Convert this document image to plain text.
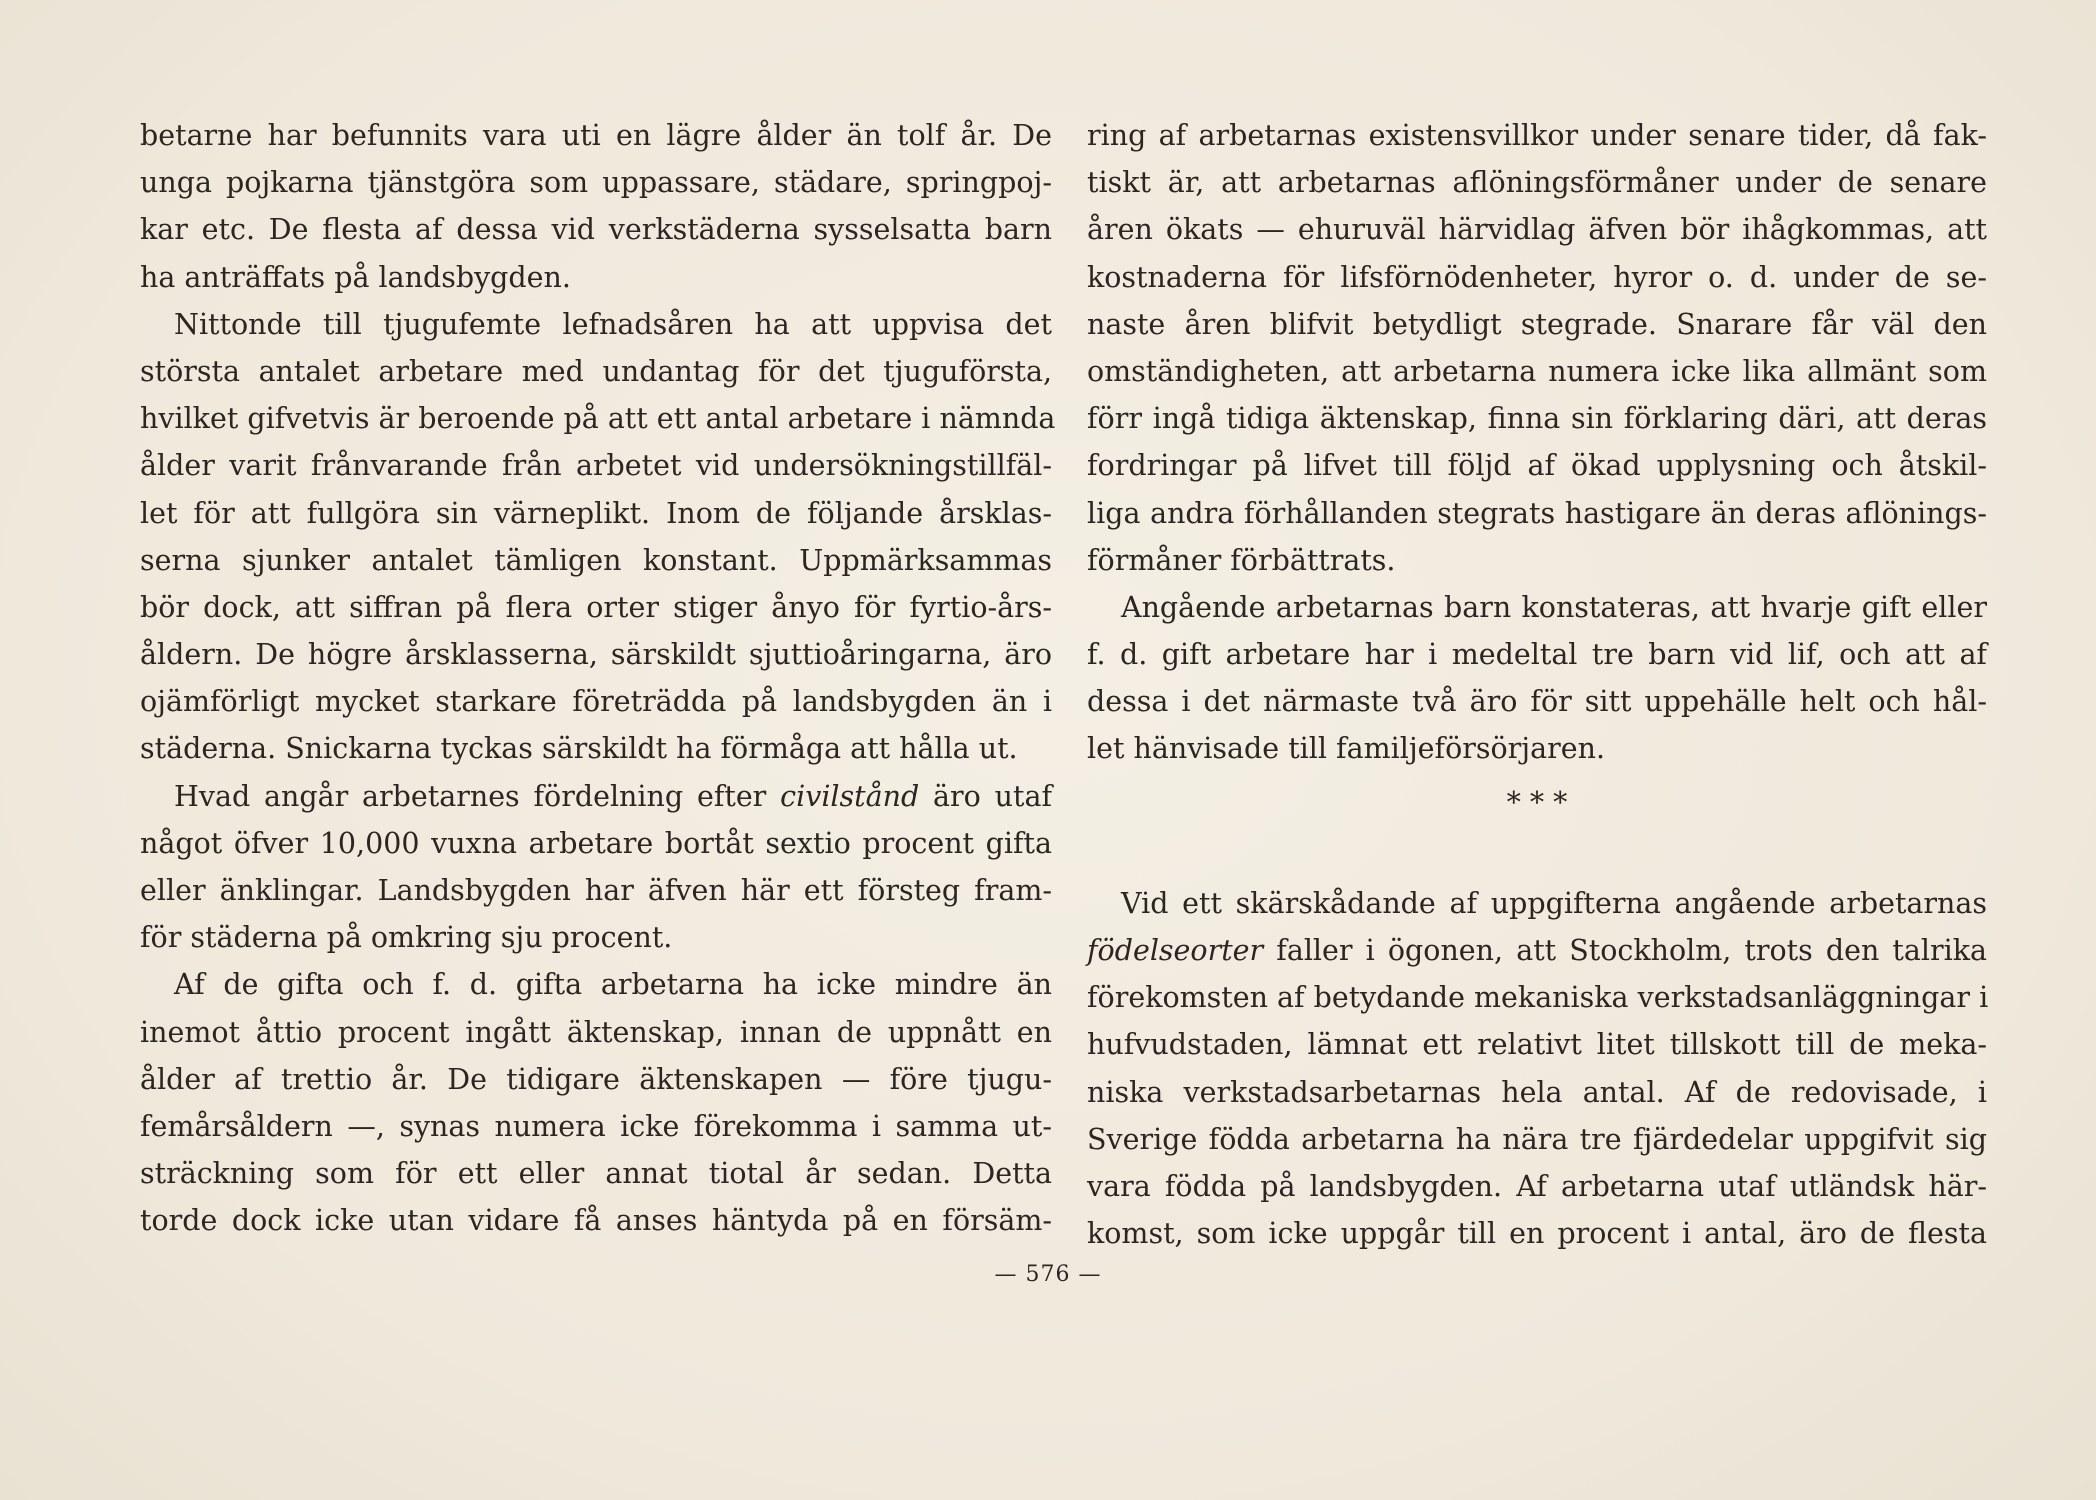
betarne har befunnits vara uti en lägre ålder än tolf år. De
unga pojkarna tjänstgöra som uppassare, städare, springpoj-
kar etc. De flesta af dessa vid verkstäderna sysselsatta barn
ha anträffats på landsbygden.
Nittonde till tjugufemte lefnadsåren ha att uppvisa det
största antalet arbetare med undantag för det tjuguförsta,
hvilket gifvetvis är beroende på att ett antal arbetare i nämnda
ålder varit frånvarande från arbetet vid undersökningstillfäl-
let för att fullgöra sin värneplikt. Inom de följande årsklas-
serna sjunker antalet tämligen konstant. Uppmärksammas
bör dock, att siffran på flera orter stiger ånyo för fyrtio-års-
åldern. De högre årsklasserna, särskildt sjuttioåringarna, äro
ojämförligt mycket starkare företrädda på landsbygden än i
städerna. Snickarna tyckas särskildt ha förmåga att hålla ut.
Hvad angår arbetarnes fördelning efter civilstånd äro utaf
något öfver 10,000 vuxna arbetare bortåt sextio procent gifta
eller änklingar. Landsbygden har äfven här ett försteg fram-
för städerna på omkring sju procent.
Af de gifta och f. d. gifta arbetarna ha icke mindre än
inemot åttio procent ingått äktenskap, innan de uppnått en
ålder af trettio år. De tidigare äktenskapen — före tjugu-
femårsåldern —, synas numera icke förekomma i samma ut-
sträckning som för ett eller annat tiotal år sedan. Detta
torde dock icke utan vidare få anses häntyda på en försäm-
ring af arbetarnas existensvillkor under senare tider, då fak-
tiskt är, att arbetarnas aflöningsförmåner under de senare
åren ökats — ehuruväl härvidlag äfven bör ihågkommas, att
kostnaderna för lifsförnödenheter, hyror o. d. under de se-
naste åren blifvit betydligt stegrade. Snarare får väl den
omständigheten, att arbetarna numera icke lika allmänt som
förr ingå tidiga äktenskap, finna sin förklaring däri, att deras
fordringar på lifvet till följd af ökad upplysning och åtskil-
liga andra förhållanden stegrats hastigare än deras aflönings-
förmåner förbättrats.
Angående arbetarnas barn konstateras, att hvarje gift eller
f. d. gift arbetare har i medeltal tre barn vid lif, och att af
dessa i det närmaste två äro för sitt uppehälle helt och hål-
let hänvisade till familjeförsörjaren.
* * *
Vid ett skärskådande af uppgifterna angående arbetarnas
födelseorter faller i ögonen, att Stockholm, trots den talrika
förekomsten af betydande mekaniska verkstadsanläggningar i
hufvudstaden, lämnat ett relativt litet tillskott till de meka-
niska verkstadsarbetarnas hela antal. Af de redovisade, i
Sverige födda arbetarna ha nära tre fjärdedelar uppgifvit sig
vara födda på landsbygden. Af arbetarna utaf utländsk här-
komst, som icke uppgår till en procent i antal, äro de flesta
— 576 —
